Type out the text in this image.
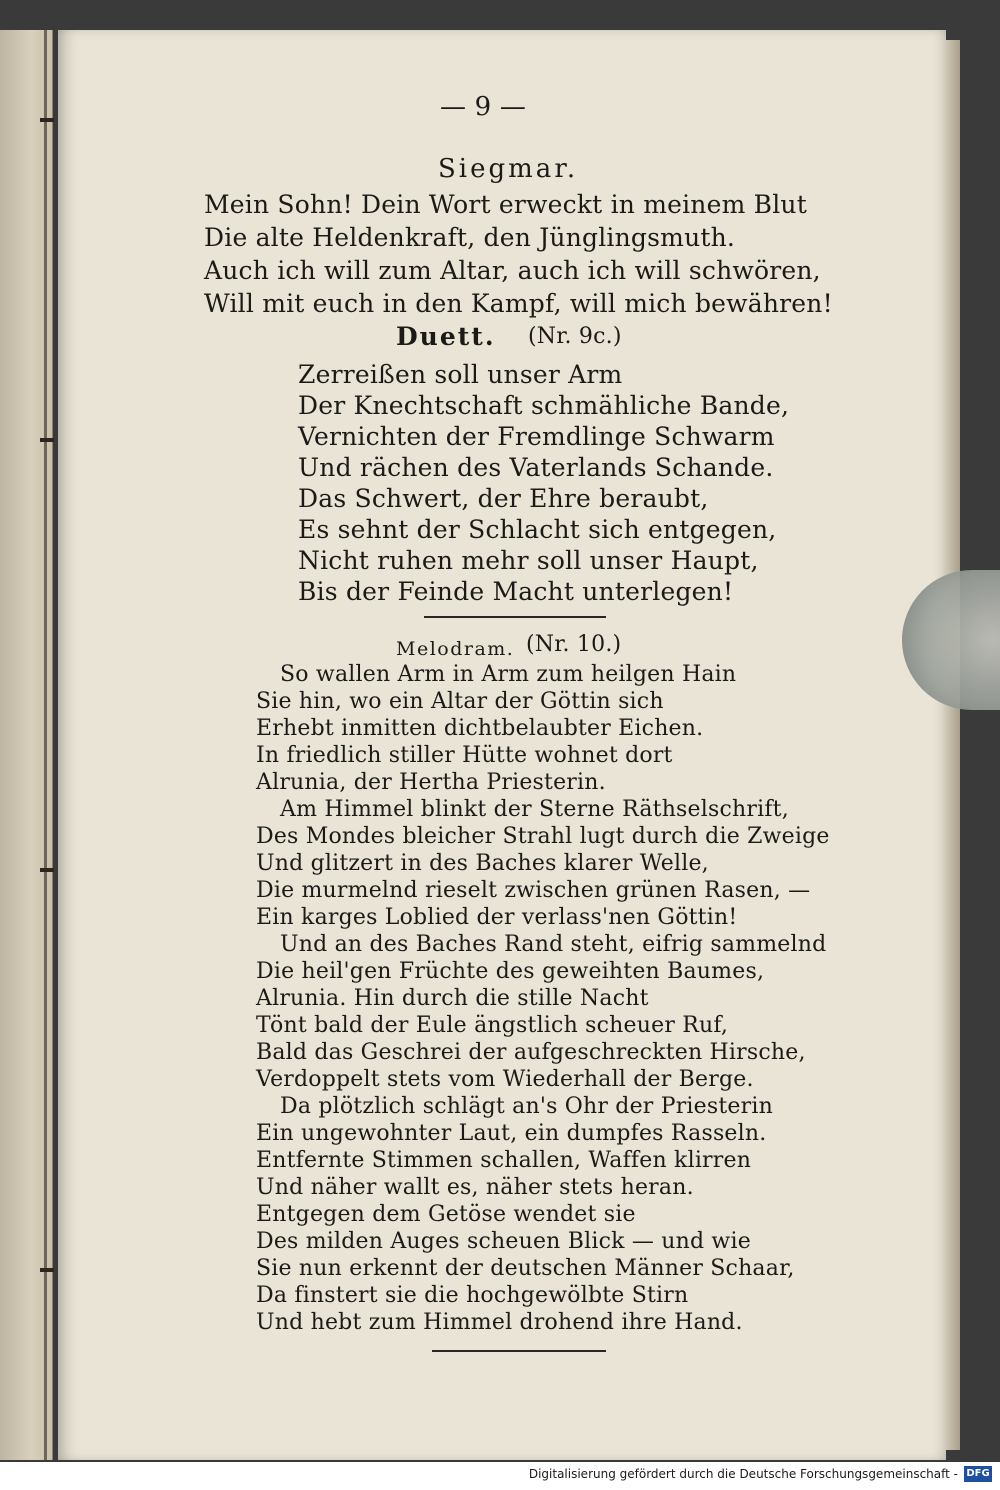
— 9 —
Siegmar.
Mein Sohn! Dein Wort erweckt in meinem Blut
Die alte Heldenkraft, den Jünglingsmuth.
Auch ich will zum Altar, auch ich will schwören,
Will mit euch in den Kampf, will mich bewähren!
Duett. (Nr. 9c.)
Zerreißen soll unser Arm
Der Knechtschaft schmähliche Bande,
Vernichten der Fremdlinge Schwarm
Und rächen des Vaterlands Schande.
Das Schwert, der Ehre beraubt,
Es sehnt der Schlacht sich entgegen,
Nicht ruhen mehr soll unser Haupt,
Bis der Feinde Macht unterlegen!
Melodram. (Nr. 10.)
So wallen Arm in Arm zum heilgen Hain
Sie hin, wo ein Altar der Göttin sich
Erhebt inmitten dichtbelaubter Eichen.
In friedlich stiller Hütte wohnet dort
Alrunia, der Hertha Priesterin.
Am Himmel blinkt der Sterne Räthselschrift,
Des Mondes bleicher Strahl lugt durch die Zweige
Und glitzert in des Baches klarer Welle,
Die murmelnd rieselt zwischen grünen Rasen, —
Ein karges Loblied der verlass'nen Göttin!
Und an des Baches Rand steht, eifrig sammelnd
Die heil'gen Früchte des geweihten Baumes,
Alrunia. Hin durch die stille Nacht
Tönt bald der Eule ängstlich scheuer Ruf,
Bald das Geschrei der aufgeschreckten Hirsche,
Verdoppelt stets vom Wiederhall der Berge.
Da plötzlich schlägt an's Ohr der Priesterin
Ein ungewohnter Laut, ein dumpfes Rasseln.
Entfernte Stimmen schallen, Waffen klirren
Und näher wallt es, näher stets heran.
Entgegen dem Getöse wendet sie
Des milden Auges scheuen Blick — und wie
Sie nun erkennt der deutschen Männer Schaar,
Da finstert sie die hochgewölbte Stirn
Und hebt zum Himmel drohend ihre Hand.
Digitalisierung gefördert durch die Deutsche Forschungsgemeinschaft - DFG
